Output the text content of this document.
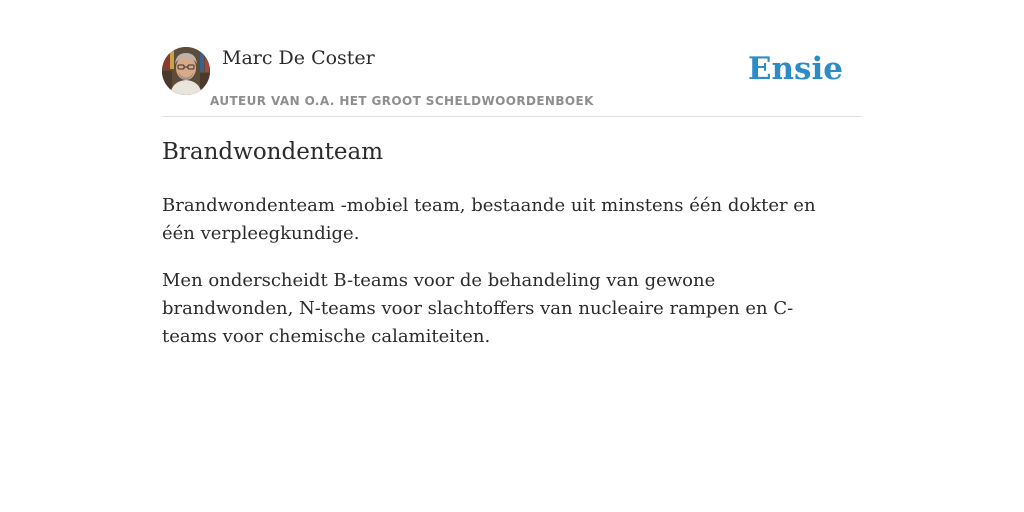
Marc De Coster
AUTEUR VAN O.A. HET GROOT SCHELDWOORDENBOEK
Ensie
Brandwondenteam

Brandwondenteam -mobiel team, bestaande uit minstens één dokter en één verpleegkundige.

Men onderscheidt B-teams voor de behandeling van gewone brandwonden, N-teams voor slachtoffers van nucleaire rampen en C-teams voor chemische calamiteiten.
